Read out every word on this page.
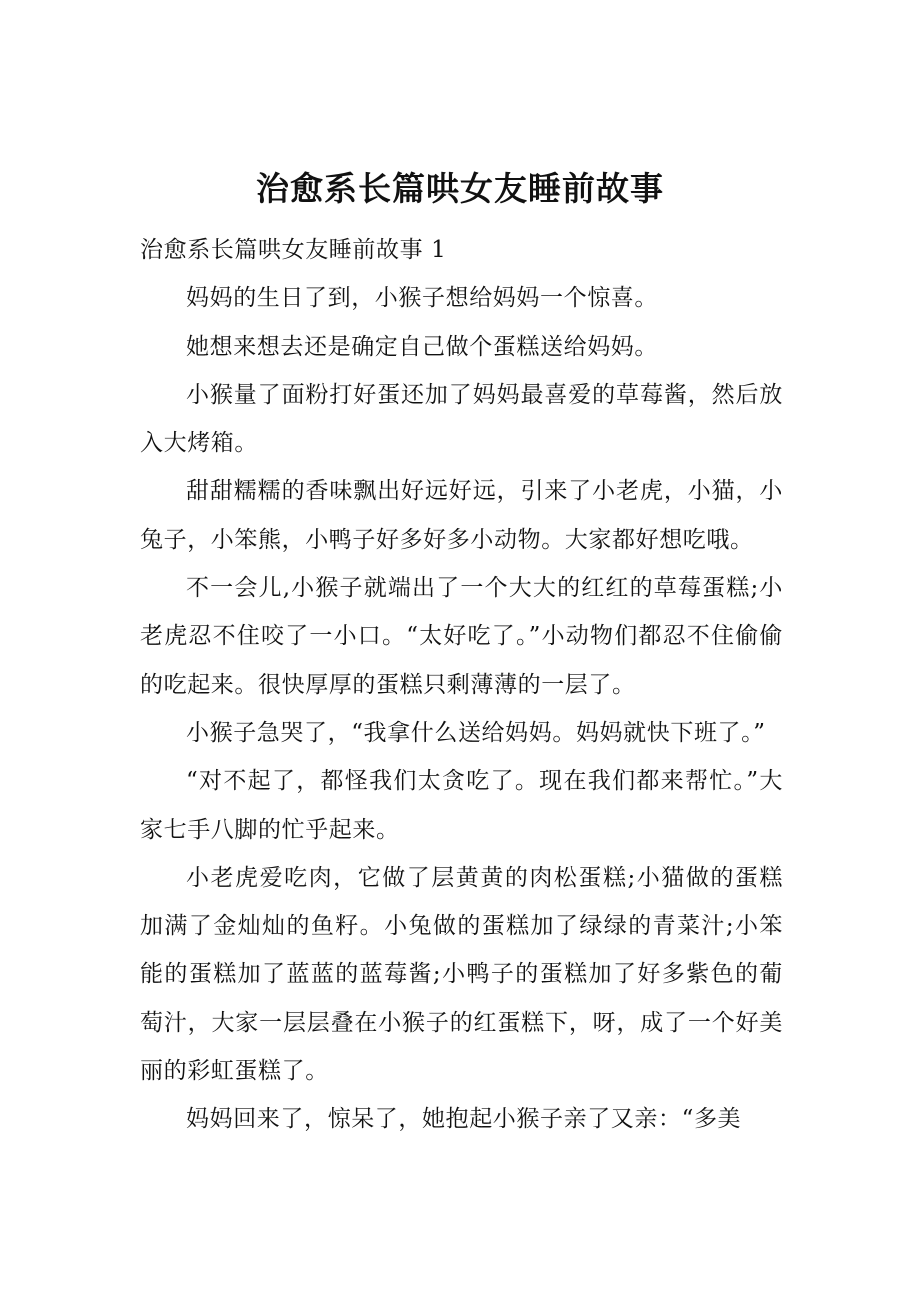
治愈系长篇哄女友睡前故事
治愈系长篇哄女友睡前故事 1

妈妈的生日了到，小猴子想给妈妈一个惊喜。

她想来想去还是确定自己做个蛋糕送给妈妈。

小猴量了面粉打好蛋还加了妈妈最喜爱的草莓酱，然后放入大烤箱。

甜甜糯糯的香味飘出好远好远，引来了小老虎，小猫，小兔子，小笨熊，小鸭子好多好多小动物。大家都好想吃哦。

不一会儿,小猴子就端出了一个大大的红红的草莓蛋糕;小老虎忍不住咬了一小口。“太好吃了。”小动物们都忍不住偷偷的吃起来。很快厚厚的蛋糕只剩薄薄的一层了。

小猴子急哭了，“我拿什么送给妈妈。妈妈就快下班了。”

“对不起了，都怪我们太贪吃了。现在我们都来帮忙。”大家七手八脚的忙乎起来。

小老虎爱吃肉，它做了层黄黄的肉松蛋糕;小猫做的蛋糕加满了金灿灿的鱼籽。小兔做的蛋糕加了绿绿的青菜汁;小笨能的蛋糕加了蓝蓝的蓝莓酱;小鸭子的蛋糕加了好多紫色的葡萄汁，大家一层层叠在小猴子的红蛋糕下，呀，成了一个好美丽的彩虹蛋糕了。

妈妈回来了，惊呆了，她抱起小猴子亲了又亲：“多美
